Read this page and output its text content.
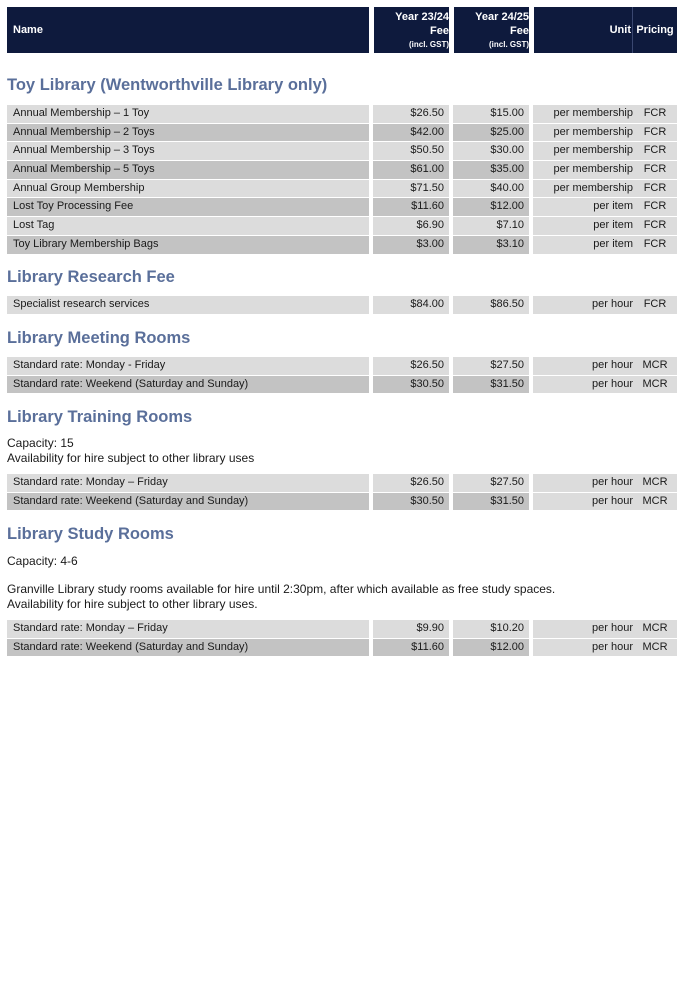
Name
Year 23/24
Fee
(incl. GST)
Year 24/25
Fee
(incl. GST)
Unit Pricing
Toy Library (Wentworthville Library only)
Annual Membership – 1 Toy	$26.50	$15.00	per membership FCR
Annual Membership – 2 Toys	$42.00	$25.00	per membership FCR
Annual Membership – 3 Toys	$50.50	$30.00	per membership FCR
Annual Membership – 5 Toys	$61.00	$35.00	per membership FCR
Annual Group Membership	$71.50	$40.00	per membership FCR
Lost Toy Processing Fee	$11.60	$12.00	per item FCR
Lost Tag	$6.90	$7.10	per item FCR
Toy Library Membership Bags	$3.00	$3.10	per item FCR
Library Research Fee
Specialist research services	$84.00	$86.50	per hour FCR
Library Meeting Rooms
Standard rate: Monday - Friday	$26.50	$27.50	per hour MCR
Standard rate: Weekend (Saturday and Sunday)	$30.50	$31.50	per hour MCR
Library Training Rooms
Capacity: 15
Availability for hire subject to other library uses
Standard rate: Monday – Friday	$26.50	$27.50	per hour MCR
Standard rate: Weekend (Saturday and Sunday)	$30.50	$31.50	per hour MCR
Library Study Rooms
Capacity: 4-6
Granville Library study rooms available for hire until 2:30pm, after which available as free study spaces.
Availability for hire subject to other library uses.
Standard rate: Monday – Friday	$9.90	$10.20	per hour MCR
Standard rate: Weekend (Saturday and Sunday)	$11.60	$12.00	per hour MCR
